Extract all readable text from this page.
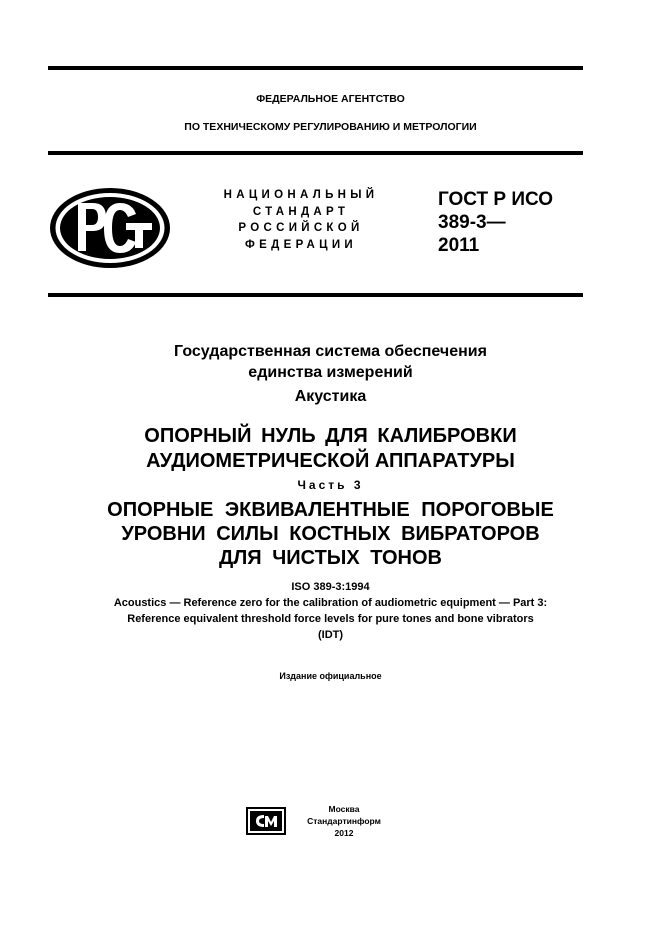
ФЕДЕРАЛЬНОЕ АГЕНТСТВО
ПО ТЕХНИЧЕСКОМУ РЕГУЛИРОВАНИЮ И МЕТРОЛОГИИ
НАЦИОНАЛЬНЫЙ
СТАНДАРТ
РОССИЙСКОЙ
ФЕДЕРАЦИИ
ГОСТ Р ИСО
389-3—
2011
Государственная система обеспечения
единства измерений
Акустика
ОПОРНЫЙ НУЛЬ ДЛЯ КАЛИБРОВКИ
АУДИОМЕТРИЧЕСКОЙ АППАРАТУРЫ
Часть 3
ОПОРНЫЕ ЭКВИВАЛЕНТНЫЕ ПОРОГОВЫЕ
УРОВНИ СИЛЫ КОСТНЫХ ВИБРАТОРОВ
ДЛЯ ЧИСТЫХ ТОНОВ
ISO 389-3:1994
Acoustics — Reference zero for the calibration of audiometric equipment — Part 3:
Reference equivalent threshold force levels for pure tones and bone vibrators
(IDT)
Издание официальное
Москва
Стандартинформ
2012
